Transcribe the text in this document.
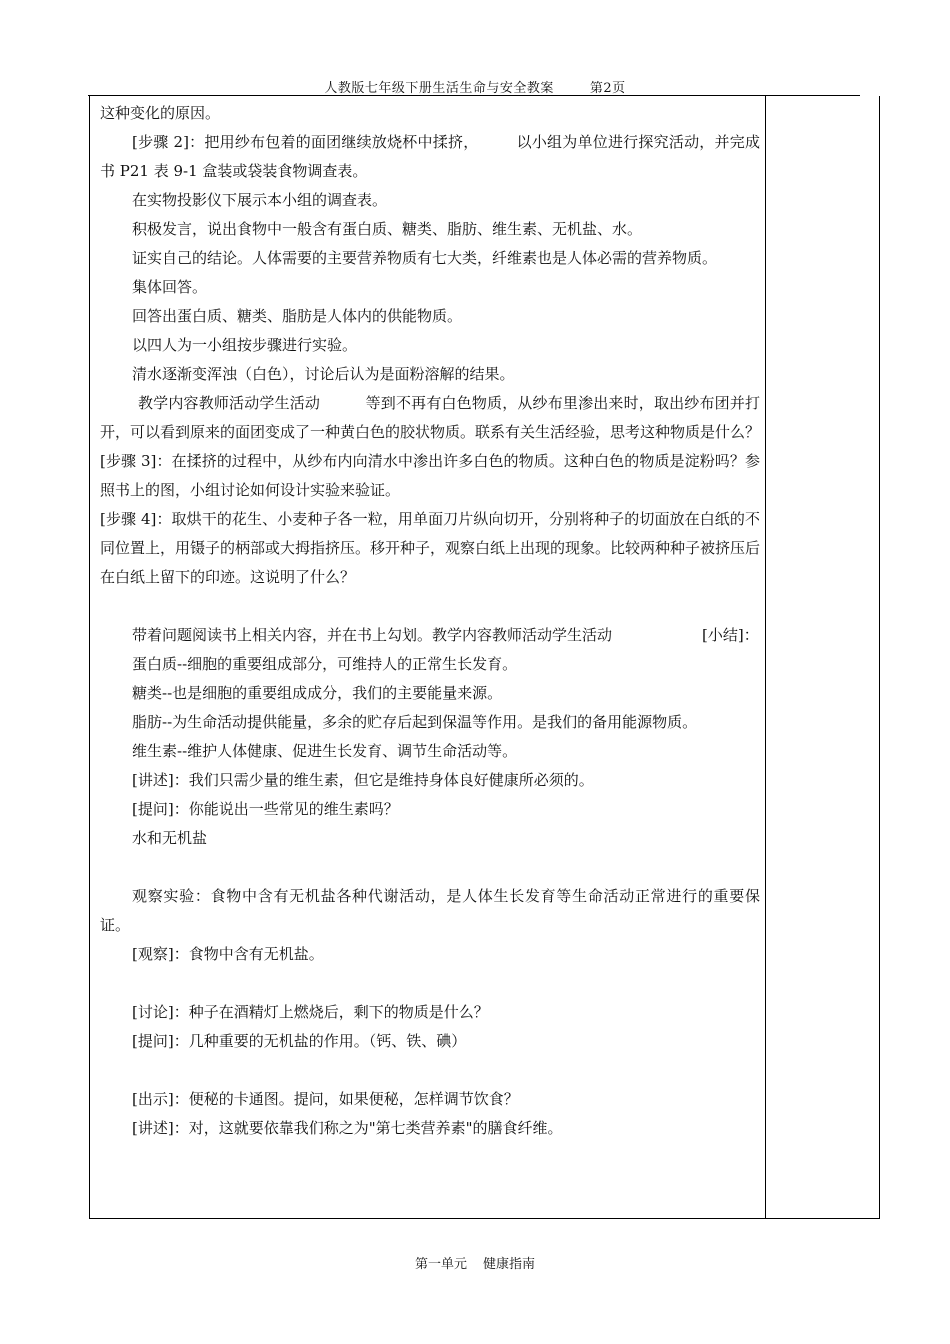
人教版七年级下册生活生命与安全教案	第2页

这种变化的原因。

[步骤 2]：把用纱布包着的面团继续放烧杯中揉挤，　　　以小组为单位进行探究活动，并完成书 P21 表 9-1 盒装或袋装食物调查表。

在实物投影仪下展示本小组的调查表。

积极发言，说出食物中一般含有蛋白质、糖类、脂肪、维生素、无机盐、水。

证实自己的结论。人体需要的主要营养物质有七大类，纤维素也是人体必需的营养物质。

集体回答。

回答出蛋白质、糖类、脂肪是人体内的供能物质。

以四人为一小组按步骤进行实验。

清水逐渐变浑浊（白色），讨论后认为是面粉溶解的结果。

教学内容教师活动学生活动　　　等到不再有白色物质，从纱布里渗出来时，取出纱布团并打开，可以看到原来的面团变成了一种黄白色的胶状物质。联系有关生活经验，思考这种物质是什么？

[步骤 3]：在揉挤的过程中，从纱布内向清水中渗出许多白色的物质。这种白色的物质是淀粉吗？参照书上的图，小组讨论如何设计实验来验证。

[步骤 4]：取烘干的花生、小麦种子各一粒，用单面刀片纵向切开，分别将种子的切面放在白纸的不同位置上，用镊子的柄部或大拇指挤压。移开种子，观察白纸上出现的现象。比较两种种子被挤压后在白纸上留下的印迹。这说明了什么？

带着问题阅读书上相关内容，并在书上勾划。教学内容教师活动学生活动　　　　　　[小结]：

蛋白质--细胞的重要组成部分，可维持人的正常生长发育。

糖类--也是细胞的重要组成成分，我们的主要能量来源。

脂肪--为生命活动提供能量，多余的贮存后起到保温等作用。是我们的备用能源物质。

维生素--维护人体健康、促进生长发育、调节生命活动等。

[讲述]：我们只需少量的维生素，但它是维持身体良好健康所必须的。

[提问]：你能说出一些常见的维生素吗？

水和无机盐

观察实验：食物中含有无机盐各种代谢活动，是人体生长发育等生命活动正常进行的重要保证。

[观察]：食物中含有无机盐。

[讨论]：种子在酒精灯上燃烧后，剩下的物质是什么？

[提问]：几种重要的无机盐的作用。（钙、铁、碘）

[出示]：便秘的卡通图。提问，如果便秘，怎样调节饮食？

[讲述]：对，这就要依靠我们称之为"第七类营养素"的膳食纤维。

第一单元 健康指南
